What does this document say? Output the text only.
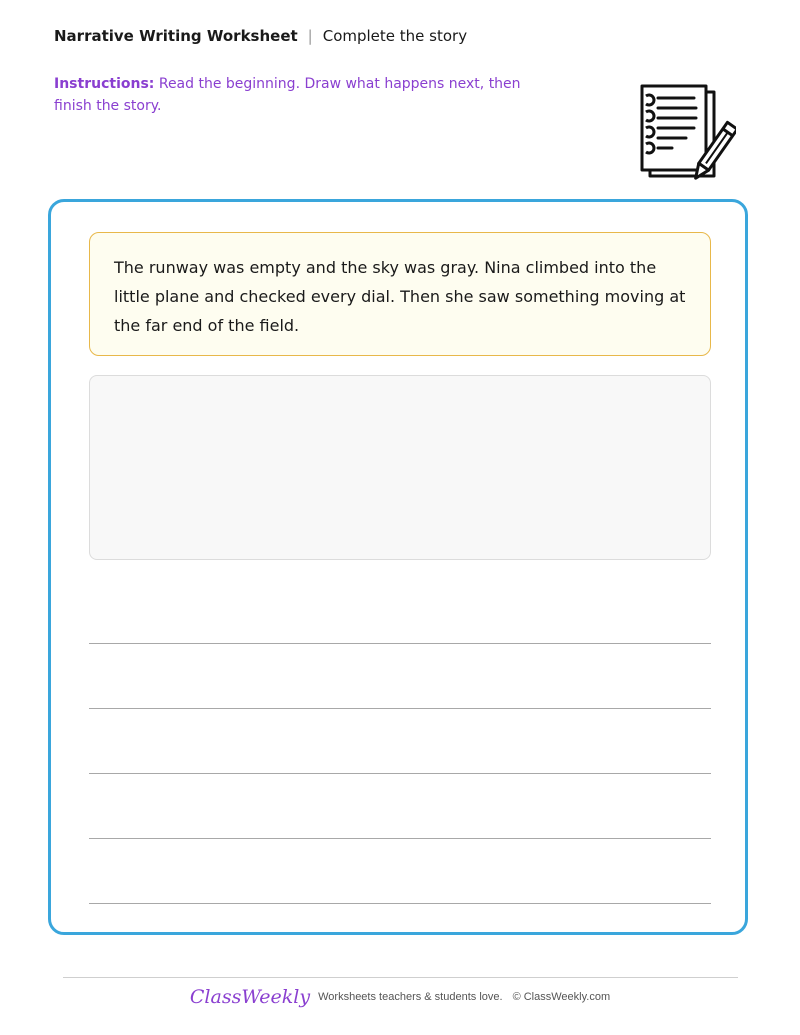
Narrative Writing Worksheet | Complete the story
Instructions: Read the beginning. Draw what happens next, then finish the story.
The runway was empty and the sky was gray. Nina climbed into the little plane and checked every dial. Then she saw something moving at the far end of the field.
ClassWeekly Worksheets teachers & students love. © ClassWeekly.com
